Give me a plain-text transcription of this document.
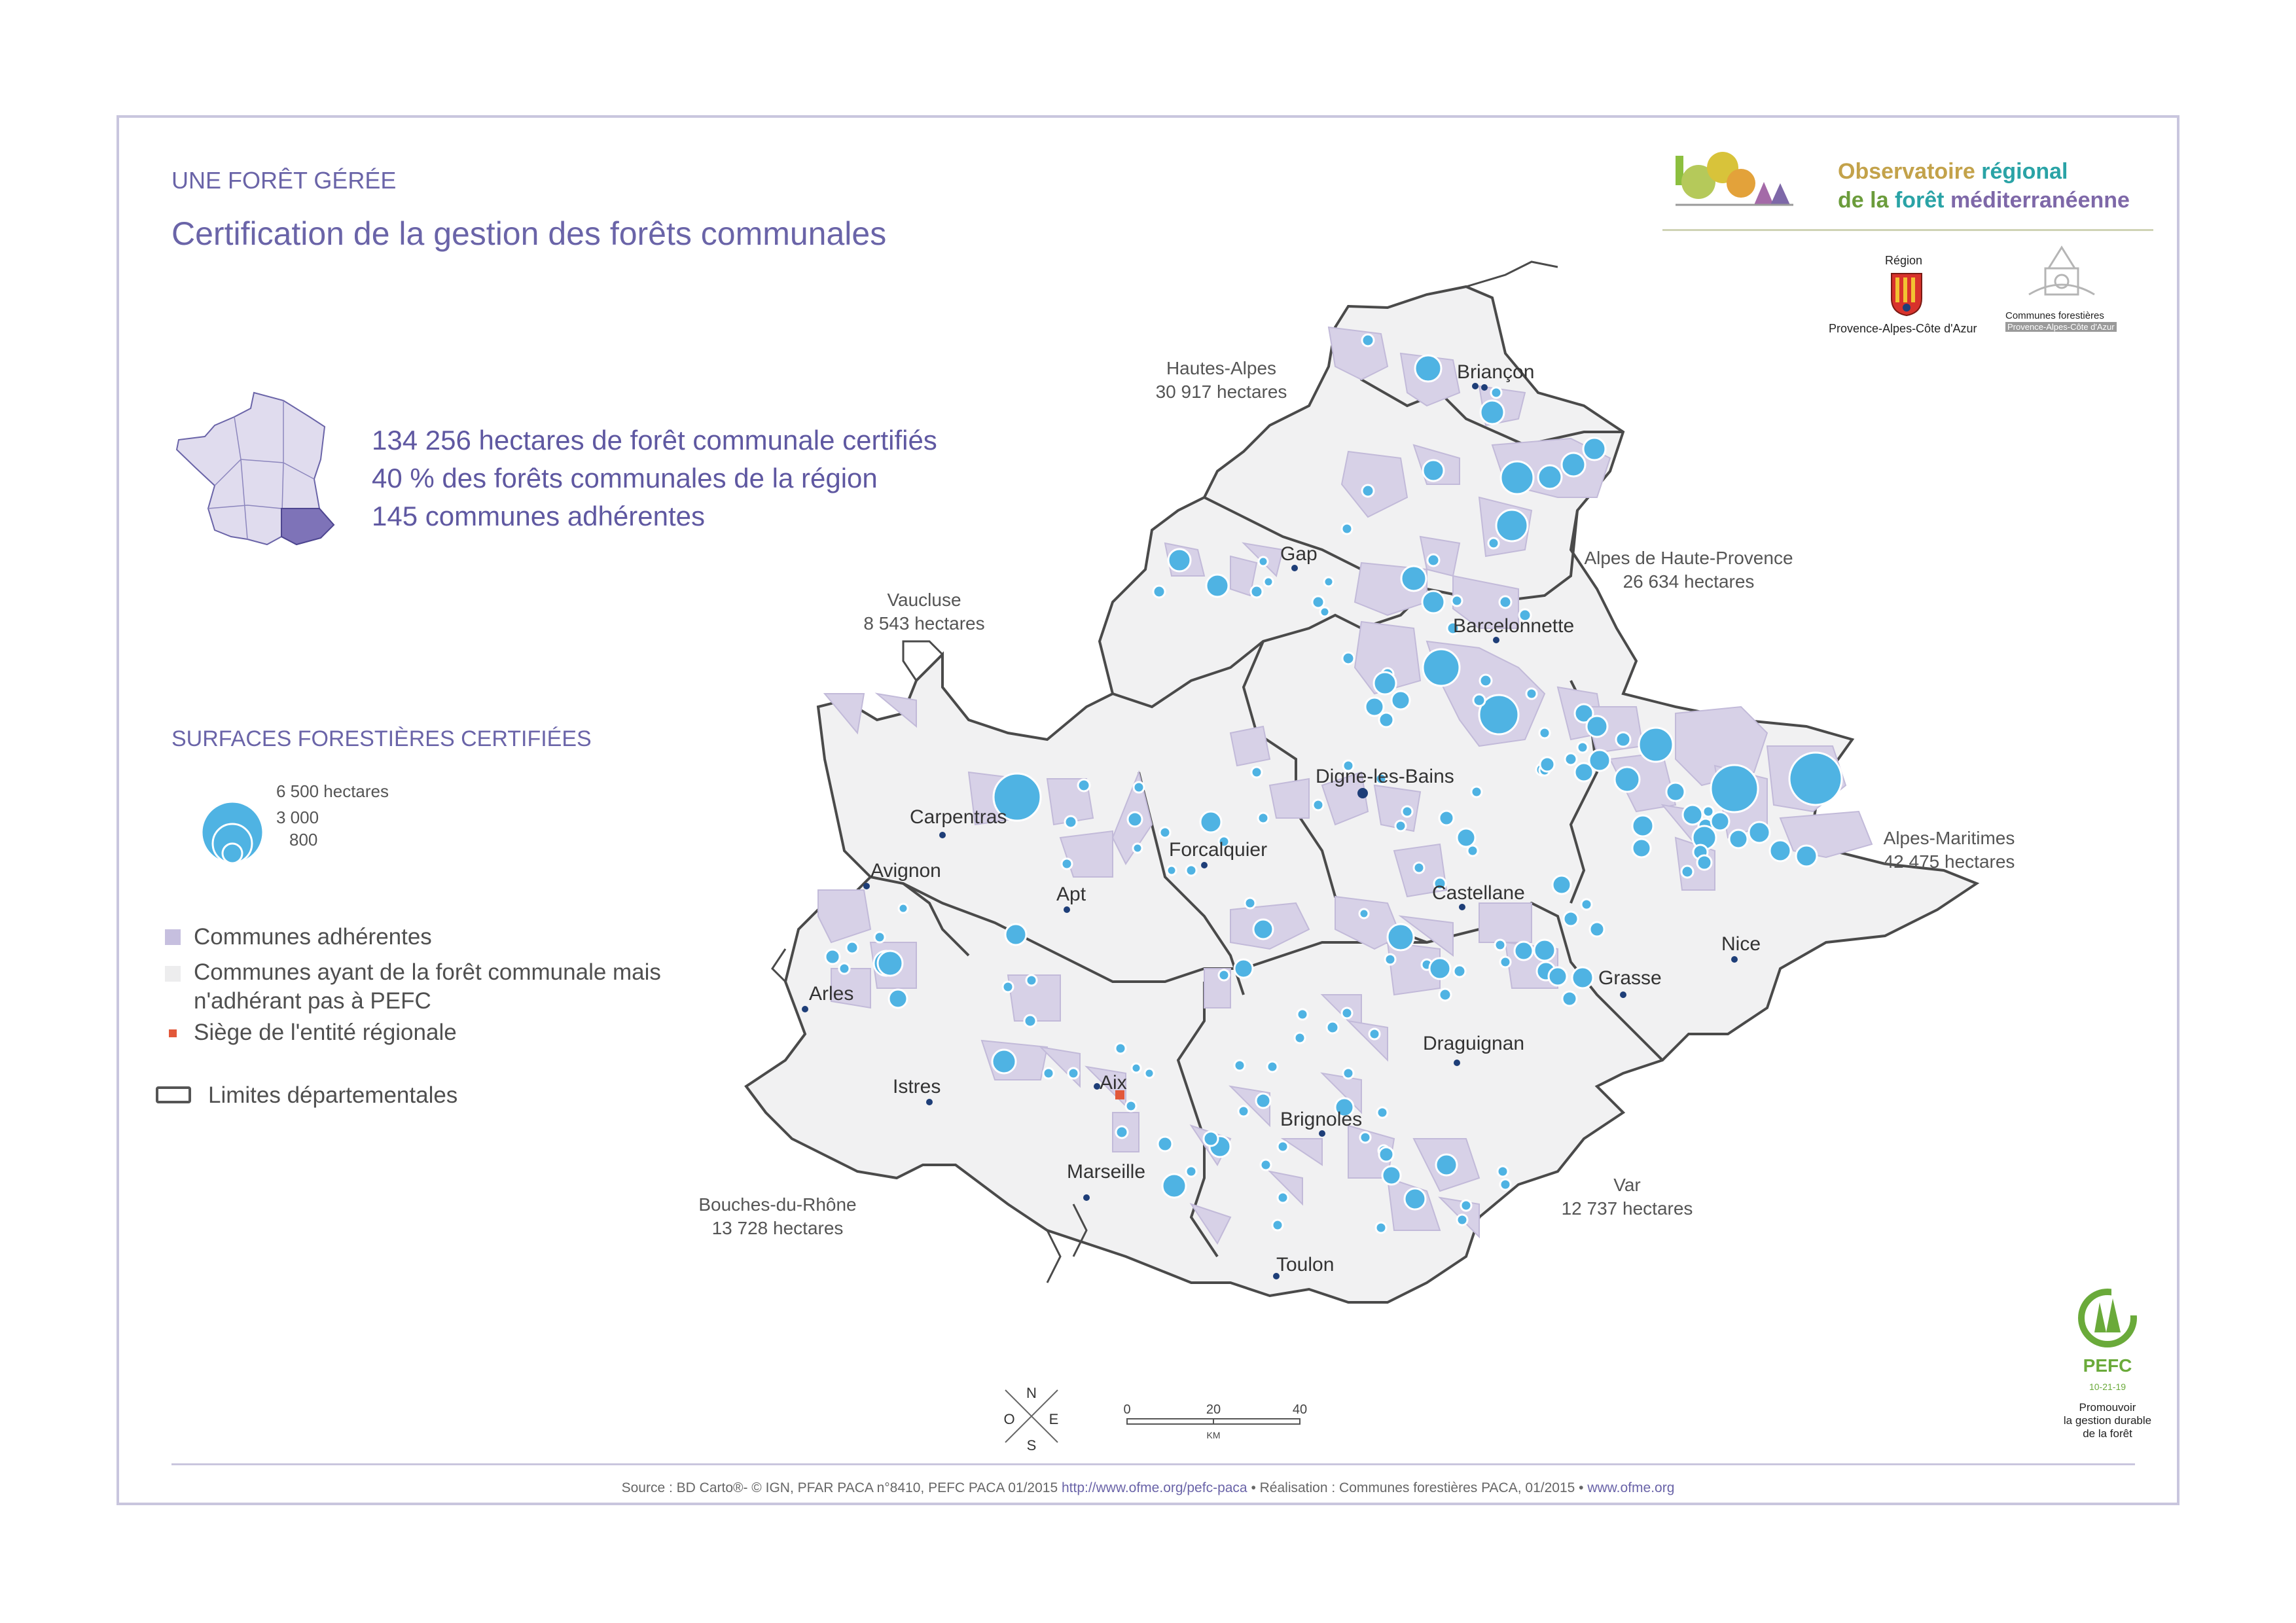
UNE FORÊT GÉRÉE
Certification de la gestion des forêts communales
Observatoire régional
de la forêt méditerranéenne
Région
Provence-Alpes-Côte d'Azur
Communes forestières
Provence-Alpes-Côte d'Azur
134 256 hectares de forêt communale certifiés
40 % des forêts communales de la région
145 communes adhérentes
SURFACES FORESTIÈRES CERTIFIÉES
6 500 hectares
3 000
800
Communes adhérentes
Communes ayant de la forêt communale mais
n'adhérant pas à PEFC
Siège de l'entité régionale
Limites départementales
Briançon
Gap
Barcelonnette
Digne-les-Bains
Carpentras
Forcalquier
Avignon
Apt	Castellane
Nice
Grasse
Arles
Draguignan
Istres	Aix
Brignoles
Marseille
Toulon
Hautes-Alpes
30 917 hectares
Alpes de Haute-Provence
26 634 hectares
Vaucluse
8 543 hectares
Alpes-Maritimes
42 475 hectares
Bouches-du-Rhône
13 728 hectares
Var
12 737 hectares
N
S
E
O
0	20	40
KM
PEFC
10-21-19
Promouvoir
la gestion durable
de la forêt
Source : BD Carto®- © IGN, PFAR PACA n°8410, PEFC PACA 01/2015 http://www.ofme.org/pefc-paca • Réalisation : Communes forestières PACA, 01/2015 • www.ofme.org
